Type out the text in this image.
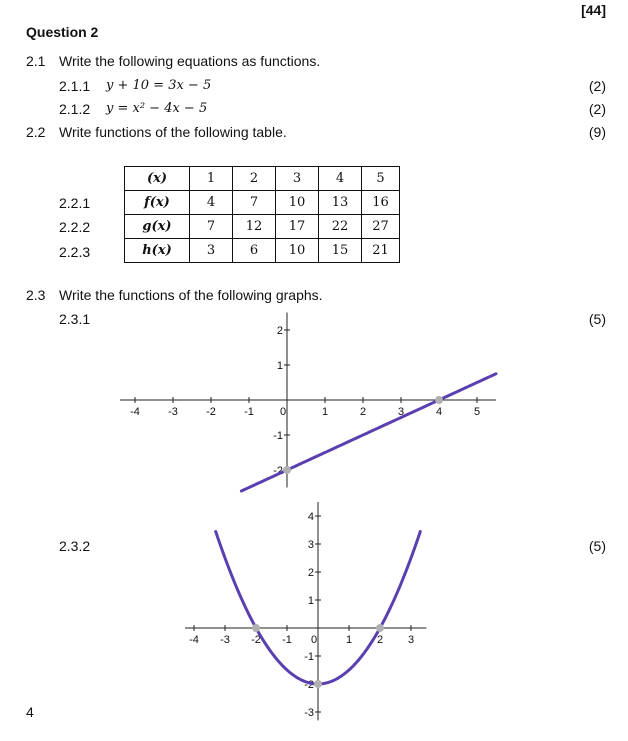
[44]
Question 2
2.1 Write the following equations as functions.
2.1.1 y + 10 = 3x − 5	(2)
2.1.2 y = x² − 4x − 5	(2)
2.2 Write functions of the following table.	(9)
2.2.1
2.2.2
2.2.3
(x)	1	2	3	4	5
f(x)	4	7	10	13	16
g(x)	7	12	17	22	27
h(x)	3	6	10	15	21
2.3 Write the functions of the following graphs.
2.3.1	(5)
2.3.2	(5)
4
-4	-3	-2	-1 0	1	2	3	4	5
2
1
-1
-2
-4 -3 -2 -1 0	1 2 3
4
3
2
1
-1
-2
-3
